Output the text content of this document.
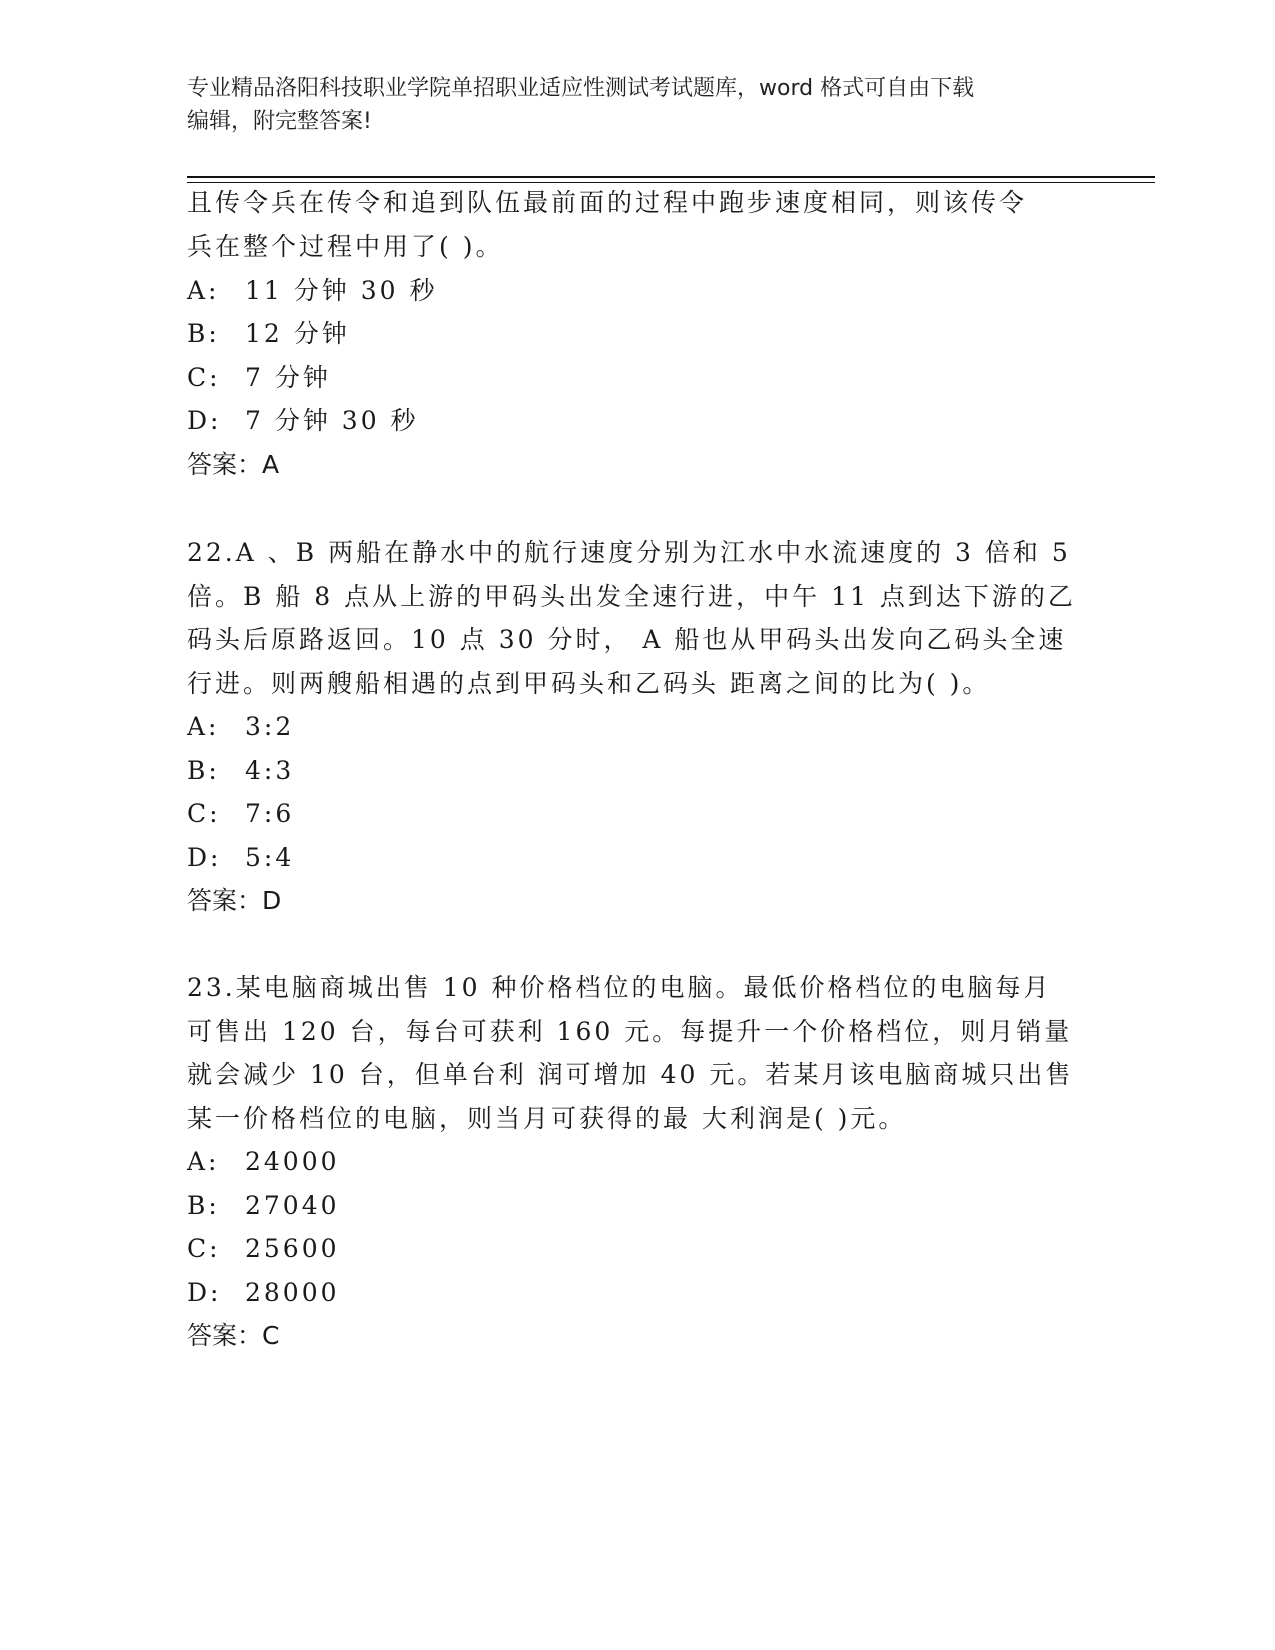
专业精品洛阳科技职业学院单招职业适应性测试考试题库，word 格式可自由下载
编辑，附完整答案!
且传令兵在传令和追到队伍最前面的过程中跑步速度相同，则该传令
兵在整个过程中用了( )。
A: 11 分钟 30 秒
B: 12 分钟
C: 7 分钟
D: 7 分钟 30 秒
答案：A
22.A 、B 两船在静水中的航行速度分别为江水中水流速度的 3 倍和 5
倍。B 船 8 点从上游的甲码头出发全速行进，中午 11 点到达下游的乙
码头后原路返回。10 点 30 分时， A 船也从甲码头出发向乙码头全速
行进。则两艘船相遇的点到甲码头和乙码头 距离之间的比为( )。
A: 3:2
B: 4:3
C: 7:6
D: 5:4
答案：D
23.某电脑商城出售 10 种价格档位的电脑。最低价格档位的电脑每月
可售出 120 台，每台可获利 160 元。每提升一个价格档位，则月销量
就会减少 10 台，但单台利 润可增加 40 元。若某月该电脑商城只出售
某一价格档位的电脑，则当月可获得的最 大利润是( )元。
A: 24000
B: 27040
C: 25600
D: 28000
答案：C
